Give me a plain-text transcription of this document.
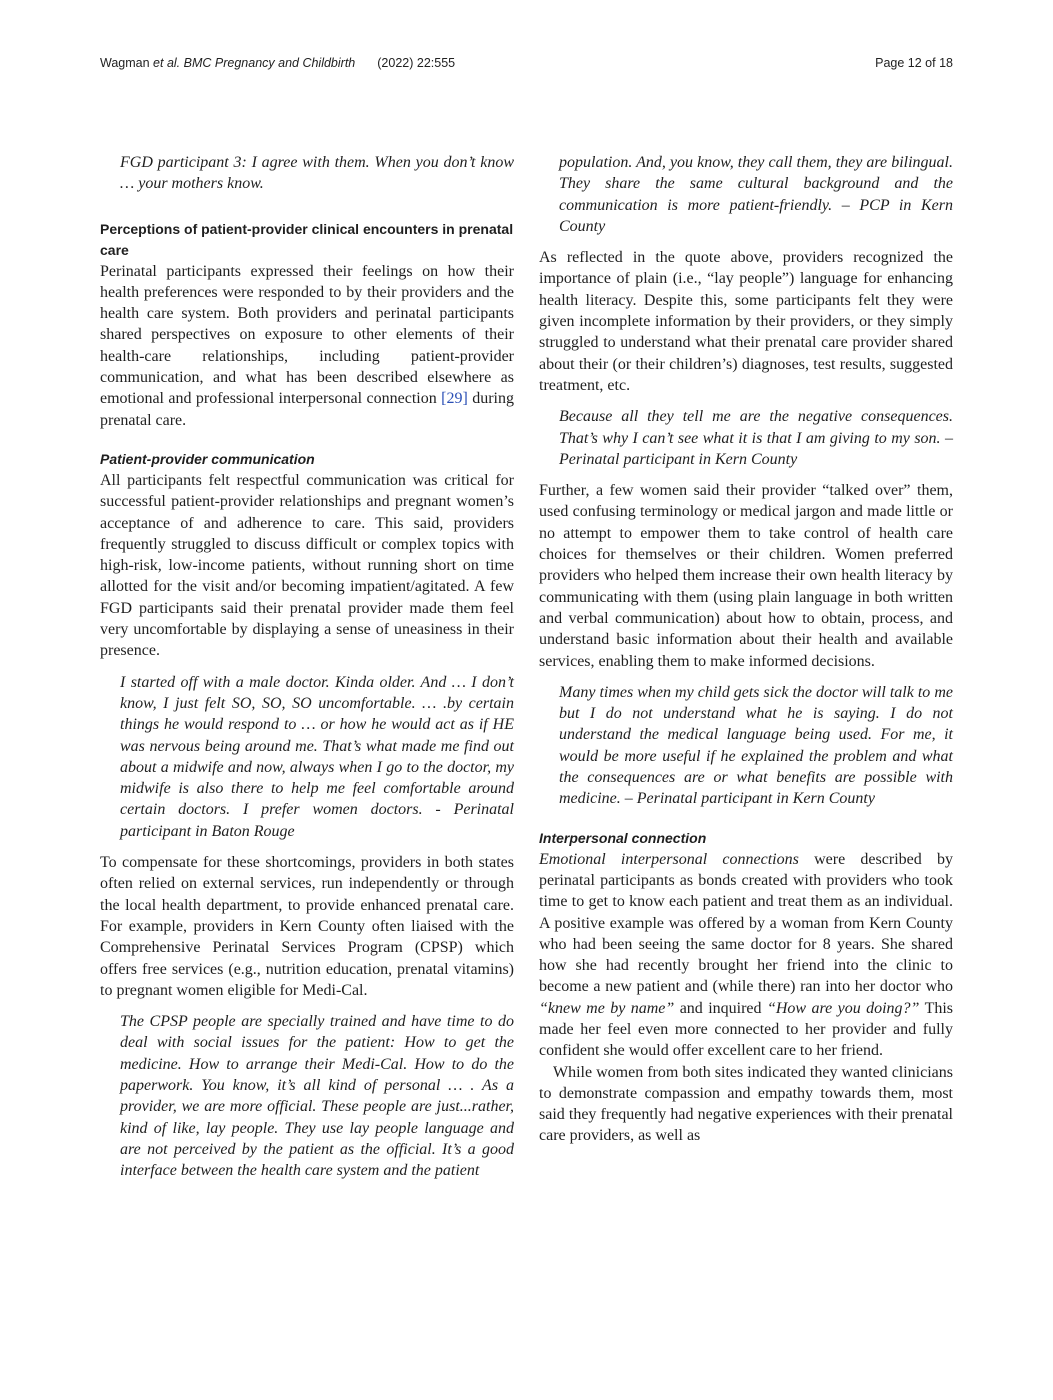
Wagman et al. BMC Pregnancy and Childbirth (2022) 22:555	Page 12 of 18

FGD participant 3: I agree with them. When you don’t know … your mothers know.

Perceptions of patient-provider clinical encounters in prenatal care

Perinatal participants expressed their feelings on how their health preferences were responded to by their providers and the health care system. Both providers and perinatal participants shared perspectives on exposure to other elements of their health-care relationships, including patient-provider communication, and what has been described elsewhere as emotional and professional interpersonal connection [29] during prenatal care.

Patient-provider communication

All participants felt respectful communication was critical for successful patient-provider relationships and pregnant women’s acceptance of and adherence to care. This said, providers frequently struggled to discuss difficult or complex topics with high-risk, low-income patients, without running short on time allotted for the visit and/or becoming impatient/agitated. A few FGD participants said their prenatal provider made them feel very uncomfortable by displaying a sense of uneasiness in their presence.

I started off with a male doctor. Kinda older. And … I don’t know, I just felt SO, SO, SO uncomfortable. … .by certain things he would respond to … or how he would act as if HE was nervous being around me. That’s what made me find out about a midwife and now, always when I go to the doctor, my midwife is also there to help me feel comfortable around certain doctors. I prefer women doctors. - Perinatal participant in Baton Rouge

To compensate for these shortcomings, providers in both states often relied on external services, run independently or through the local health department, to provide enhanced prenatal care. For example, providers in Kern County often liaised with the Comprehensive Perinatal Services Program (CPSP) which offers free services (e.g., nutrition education, prenatal vitamins) to pregnant women eligible for Medi-Cal.

The CPSP people are specially trained and have time to do deal with social issues for the patient: How to get the medicine. How to arrange their Medi-Cal. How to do the paperwork. You know, it’s all kind of personal … . As a provider, we are more official. These people are just...rather, kind of like, lay people. They use lay people language and are not perceived by the patient as the official. It’s a good interface between the health care system and the patient

population. And, you know, they call them, they are bilingual. They share the same cultural background and the communication is more patient-friendly. – PCP in Kern County

As reflected in the quote above, providers recognized the importance of plain (i.e., “lay people”) language for enhancing health literacy. Despite this, some participants felt they were given incomplete information by their providers, or they simply struggled to understand what their prenatal care provider shared about their (or their children’s) diagnoses, test results, suggested treatment, etc.

Because all they tell me are the negative consequences. That’s why I can’t see what it is that I am giving to my son. – Perinatal participant in Kern County

Further, a few women said their provider “talked over” them, used confusing terminology or medical jargon and made little or no attempt to empower them to take control of health care choices for themselves or their children. Women preferred providers who helped them increase their own health literacy by communicating with them (using plain language in both written and verbal communication) about how to obtain, process, and understand basic information about their health and available services, enabling them to make informed decisions.

Many times when my child gets sick the doctor will talk to me but I do not understand what he is saying. I do not understand the medical language being used. For me, it would be more useful if he explained the problem and what the consequences are or what benefits are possible with medicine. – Perinatal participant in Kern County

Interpersonal connection

Emotional interpersonal connections were described by perinatal participants as bonds created with providers who took time to get to know each patient and treat them as an individual. A positive example was offered by a woman from Kern County who had been seeing the same doctor for 8 years. She shared how she had recently brought her friend into the clinic to become a new patient and (while there) ran into her doctor who “knew me by name” and inquired “How are you doing?” This made her feel even more connected to her provider and fully confident she would offer excellent care to her friend.

While women from both sites indicated they wanted clinicians to demonstrate compassion and empathy towards them, most said they frequently had negative experiences with their prenatal care providers, as well as
